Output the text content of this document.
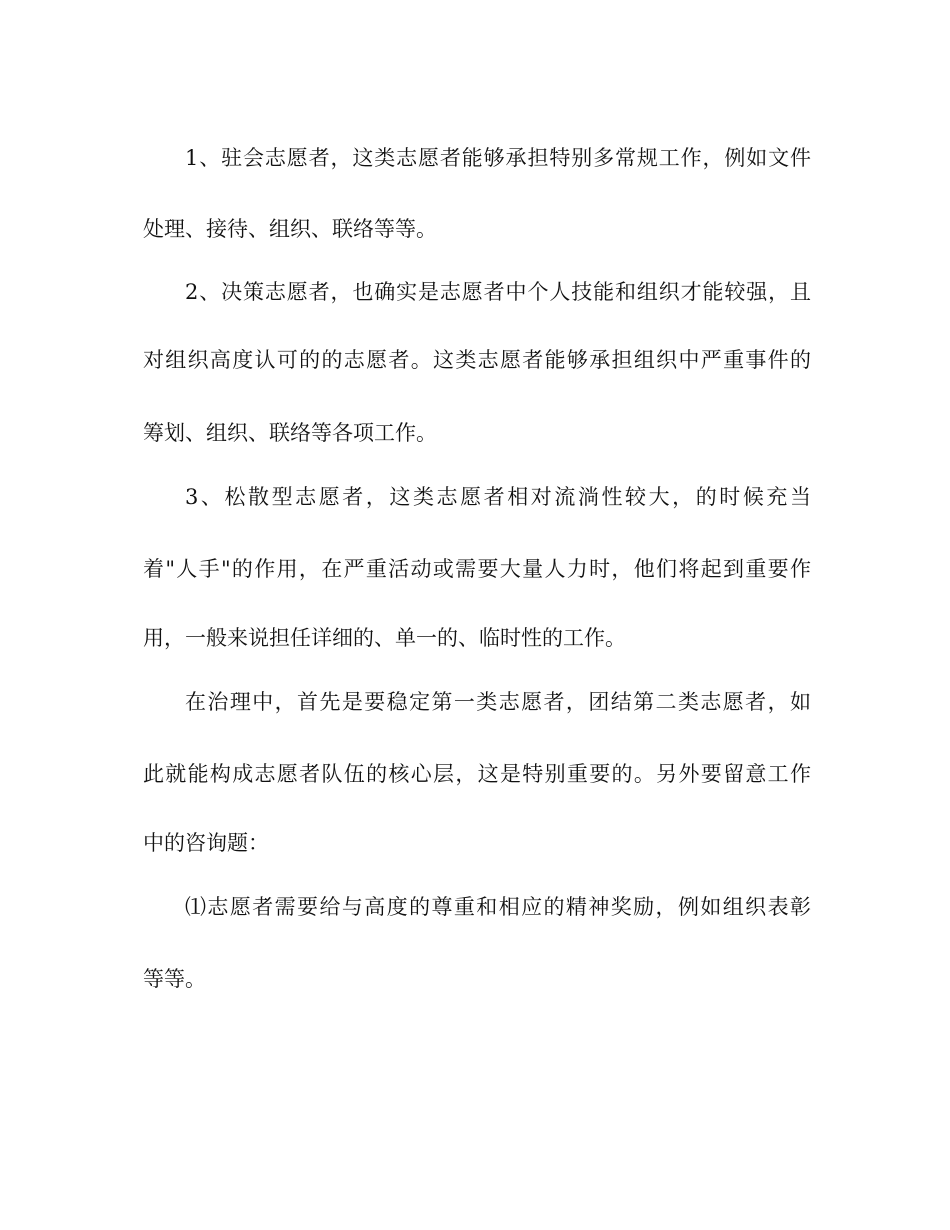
1、驻会志愿者，这类志愿者能够承担特别多常规工作，例如文件

处理、接待、组织、联络等等。

2、决策志愿者，也确实是志愿者中个人技能和组织才能较强，且

对组织高度认可的的志愿者。这类志愿者能够承担组织中严重事件的

筹划、组织、联络等各项工作。

3、松散型志愿者，这类志愿者相对流淌性较大，的时候充当

着"人手"的作用，在严重活动或需要大量人力时，他们将起到重要作

用，一般来说担任详细的、单一的、临时性的工作。

在治理中，首先是要稳定第一类志愿者，团结第二类志愿者，如

此就能构成志愿者队伍的核心层，这是特别重要的。另外要留意工作

中的咨询题：

⑴志愿者需要给与高度的尊重和相应的精神奖励，例如组织表彰

等等。
